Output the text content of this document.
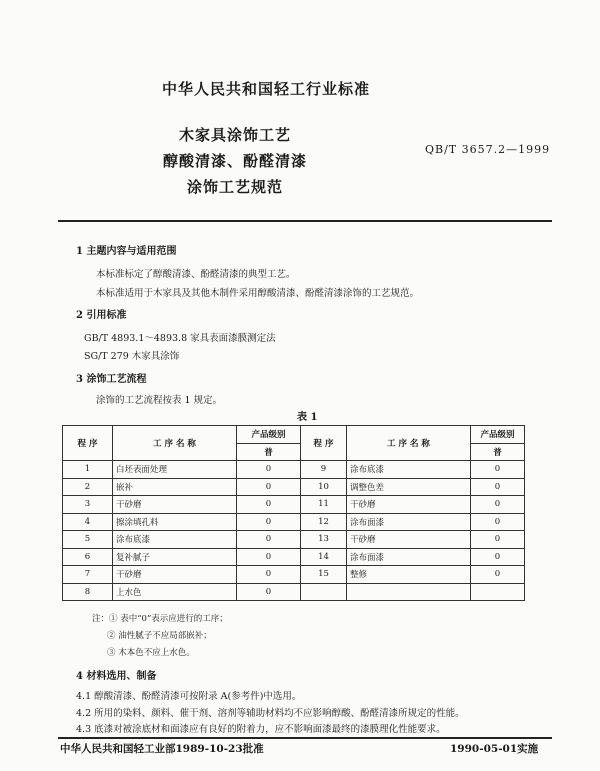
中华人民共和国轻工行业标准
木家具涂饰工艺
醇酸清漆、酚醛清漆
涂饰工艺规范
QB/T 3657.2—1999
1 主题内容与适用范围
本标准标定了醇酸清漆、酚醛清漆的典型工艺。
本标准适用于木家具及其他木制件采用醇酸清漆、酚醛清漆涂饰的工艺规范。
2 引用标准
GB/T 4893.1～4893.8 家具表面漆膜测定法
SG/T 279 木家具涂饰
3 涂饰工艺流程
涂饰的工艺流程按表 1 规定。
表 1
程 序	工 序 名 称	产品级别	程 序	工 序 名 称	产品级别
		普			普
1	白坯表面处理	0	9	涂布底漆	0
2	嵌补	0	10	调整色差	0
3	干砂磨	0	11	干砂磨	0
4	擦涂填孔料	0	12	涂布面漆	0
5	涂布底漆	0	13	干砂磨	0
6	复补腻子	0	14	涂布面漆	0
7	干砂磨	0	15	整修	0
8	上水色	0			
注：① 表中“0”表示应进行的工序；
② 油性腻子不应局部嵌补；
③ 木本色不应上水色。
4 材料选用、制备
4.1 醇酸清漆、酚醛清漆可按附录 A(参考件)中选用。
4.2 所用的染料、颜料、催干剂、溶剂等辅助材料均不应影响醇酸、酚醛清漆所规定的性能。
4.3 底漆对被涂底材和面漆应有良好的附着力，应不影响面漆最终的漆膜理化性能要求。
中华人民共和国轻工业部1989-10-23批准	1990-05-01实施
